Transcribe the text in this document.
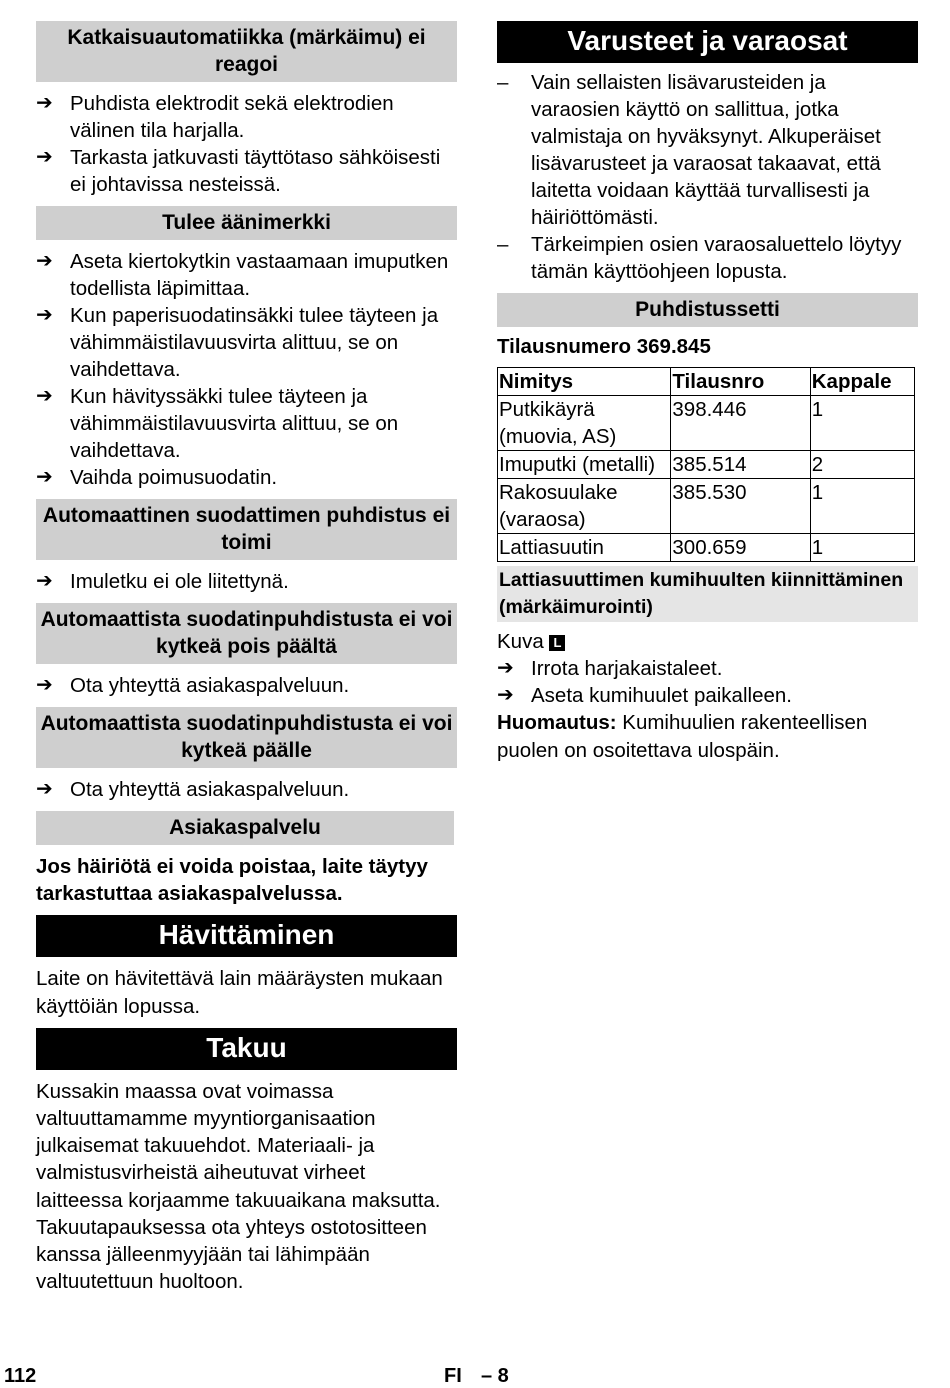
Katkaisuautomatiikka (märkäimu) ei reagoi
➔ Puhdista elektrodit sekä elektrodien välinen tila harjalla.
➔ Tarkasta jatkuvasti täyttötaso sähköisesti ei johtavissa nesteissä.
Tulee äänimerkki
➔ Aseta kiertokytkin vastaamaan imuputken todellista läpimittaa.
➔ Kun paperisuodatinsäkki tulee täyteen ja vähimmäistilavuusvirta alittuu, se on vaihdettava.
➔ Kun hävityssäkki tulee täyteen ja vähimmäistilavuusvirta alittuu, se on vaihdettava.
➔ Vaihda poimusuodatin.
Automaattinen suodattimen puhdistus ei toimi
➔ Imuletku ei ole liitettynä.
Automaattista suodatinpuhdistusta ei voi kytkeä pois päältä
➔ Ota yhteyttä asiakaspalveluun.
Automaattista suodatinpuhdistusta ei voi kytkeä päälle
➔ Ota yhteyttä asiakaspalveluun.
Asiakaspalvelu
Jos häiriötä ei voida poistaa, laite täytyy tarkastuttaa asiakaspalvelussa.
Hävittäminen
Laite on hävitettävä lain määräysten mukaan käyttöiän lopussa.
Takuu
Kussakin maassa ovat voimassa valtuuttamamme myyntiorganisaation julkaisemat takuuehdot. Materiaali- ja valmistusvirheistä aiheutuvat virheet laitteessa korjaamme takuuaikana maksutta. Takuutapauksessa ota yhteys ostotositteen kanssa jälleenmyyjään tai lähimpään valtuutettuun huoltoon.
Varusteet ja varaosat
– Vain sellaisten lisävarusteiden ja varaosien käyttö on sallittua, jotka valmistaja on hyväksynyt. Alkuperäiset lisävarusteet ja varaosat takaavat, että laitetta voidaan käyttää turvallisesti ja häiriöttömästi.
– Tärkeimpien osien varaosaluettelo löytyy tämän käyttöohjeen lopusta.
Puhdistussetti
Tilausnumero 369.845
Nimitys	Tilausnro	Kappale
Putkikäyrä (muovia, AS)	398.446	1
Imuputki (metalli)	385.514	2
Rakosuulake (varaosa)	385.530	1
Lattiasuutin	300.659	1
Lattiasuuttimen kumihuulten kiinnittäminen (märkäimurointi)
Kuva L
➔ Irrota harjakaistaleet.
➔ Aseta kumihuulet paikalleen.
Huomautus: Kumihuulien rakenteellisen puolen on osoitettava ulospäin.
112	FI – 8
